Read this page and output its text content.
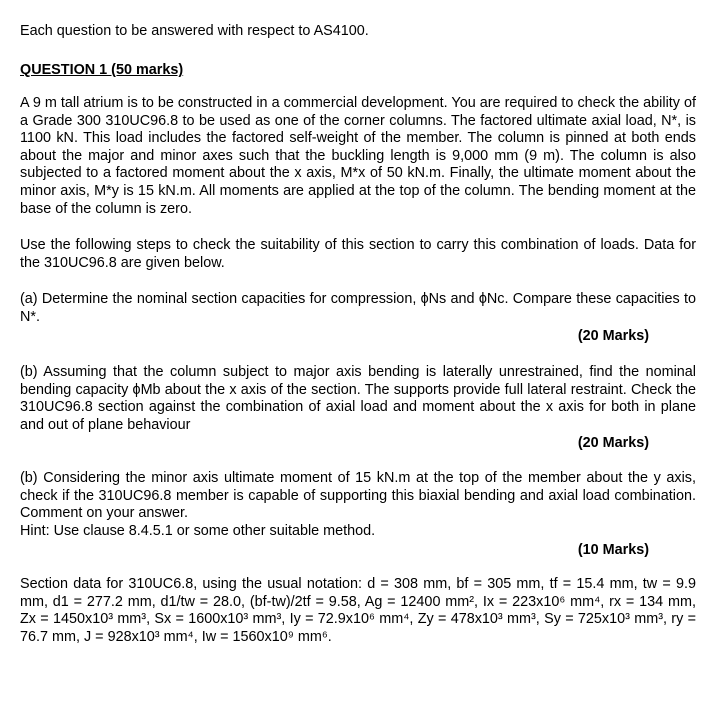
Each question to be answered with respect to AS4100.

QUESTION 1 (50 marks)

A 9 m tall atrium is to be constructed in a commercial development. You are required to check the ability of a Grade 300 310UC96.8 to be used as one of the corner columns. The factored ultimate axial load, N*, is 1100 kN. This load includes the factored self-weight of the member. The column is pinned at both ends about the major and minor axes such that the buckling length is 9,000 mm (9 m). The column is also subjected to a factored moment about the x axis, M*x of 50 kN.m. Finally, the ultimate moment about the minor axis, M*y is 15 kN.m. All moments are applied at the top of the column. The bending moment at the base of the column is zero.

Use the following steps to check the suitability of this section to carry this combination of loads. Data for the 310UC96.8 are given below.

(a) Determine the nominal section capacities for compression, ϕNs and ϕNc. Compare these capacities to N*.

(20 Marks)

(b) Assuming that the column subject to major axis bending is laterally unrestrained, find the nominal bending capacity ϕMb about the x axis of the section. The supports provide full lateral restraint. Check the 310UC96.8 section against the combination of axial load and moment about the x axis for both in plane and out of plane behaviour

(20 Marks)

(b) Considering the minor axis ultimate moment of 15 kN.m at the top of the member about the y axis, check if the 310UC96.8 member is capable of supporting this biaxial bending and axial load combination. Comment on your answer.

Hint: Use clause 8.4.5.1 or some other suitable method.

(10 Marks)

Section data for 310UC6.8, using the usual notation: d = 308 mm, bf = 305 mm, tf = 15.4 mm, tw = 9.9 mm, d1 = 277.2 mm, d1/tw = 28.0, (bf-tw)/2tf = 9.58, Ag = 12400 mm², Ix = 223x10⁶ mm⁴, rx = 134 mm, Zx = 1450x10³ mm³, Sx = 1600x10³ mm³, Iy = 72.9x10⁶ mm⁴, Zy = 478x10³ mm³, Sy = 725x10³ mm³, ry = 76.7 mm, J = 928x10³ mm⁴, Iw = 1560x10⁹ mm⁶.
